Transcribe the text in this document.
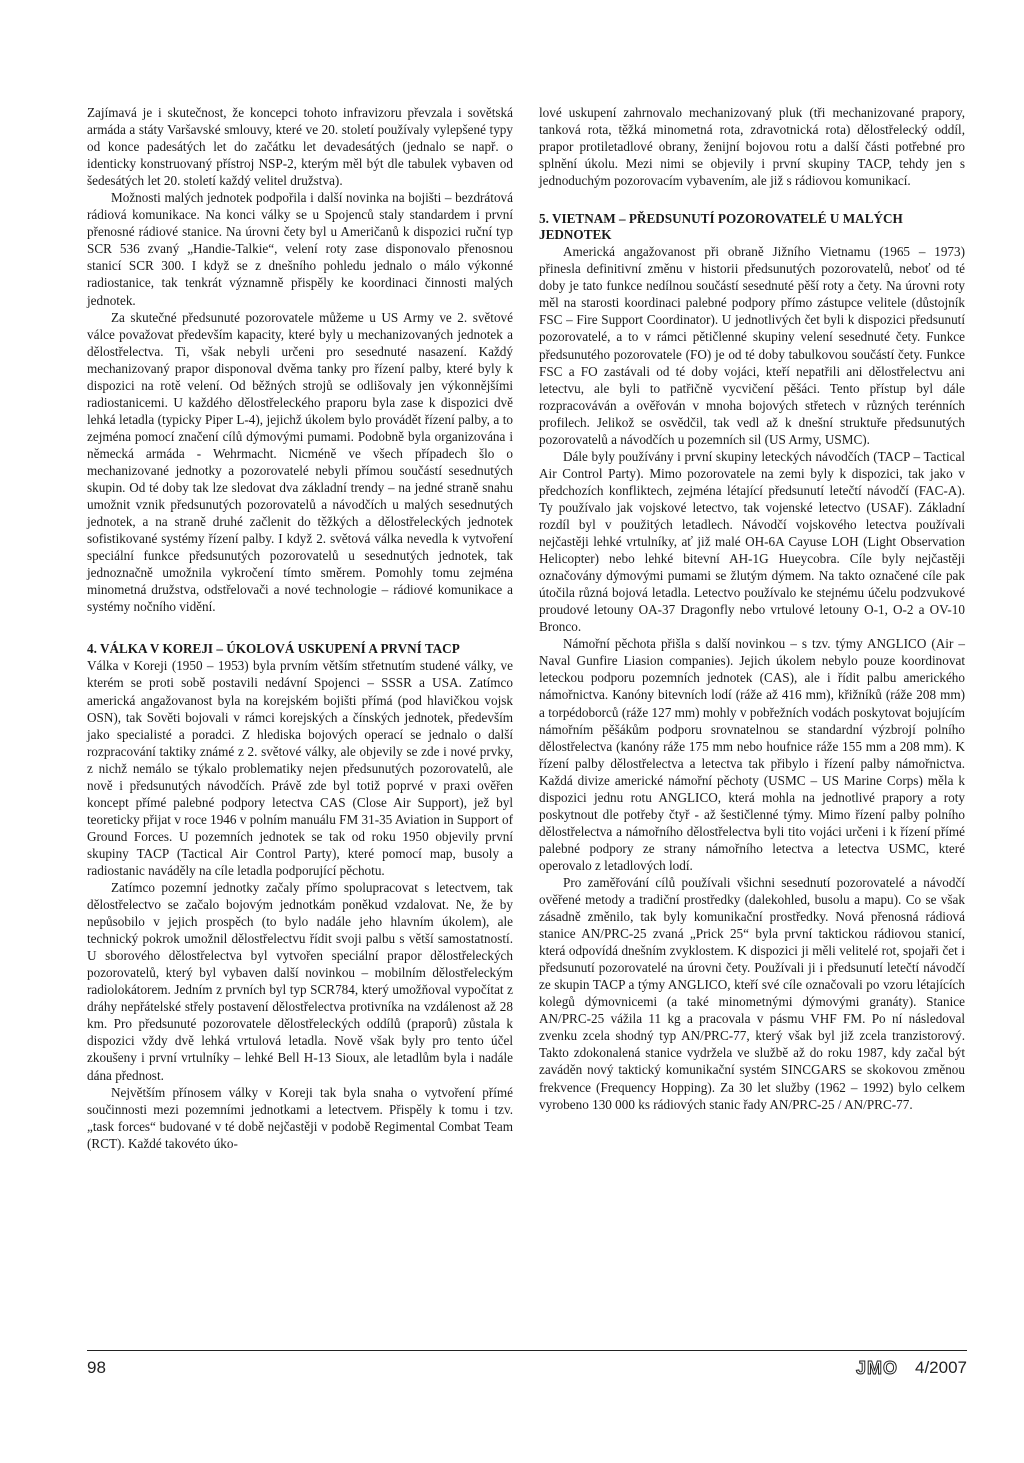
Zajímavá je i skutečnost, že koncepci tohoto infravizoru převzala i sovětská armáda a státy Varšavské smlouvy, které ve 20. století používaly vylepšené typy od konce padesátých let do začátku let devadesátých (jednalo se např. o identicky konstruovaný přístroj NSP-2, kterým měl být dle tabulek vybaven od šedesátých let 20. století každý velitel družstva).

Možnosti malých jednotek podpořila i další novinka na bojišti – bezdrátová rádiová komunikace. Na konci války se u Spojenců staly standardem i první přenosné rádiové stanice. Na úrovni čety byl u Američanů k dispozici ruční typ SCR 536 zvaný „Handie-Talkie“, velení roty zase disponovalo přenosnou stanicí SCR 300. I když se z dnešního pohledu jednalo o málo výkonné radiostanice, tak tenkrát významně přispěly ke koordinaci činnosti malých jednotek.

Za skutečné předsunuté pozorovatele můžeme u US Army ve 2. světové válce považovat především kapacity, které byly u mechanizovaných jednotek a dělostřelectva. Ti, však nebyli určeni pro sesednuté nasazení. Každý mechanizovaný prapor disponoval dvěma tanky pro řízení palby, které byly k dispozici na rotě velení. Od běžných strojů se odlišovaly jen výkonnějšími radiostanicemi. U každého dělostřeleckého praporu byla zase k dispozici dvě lehká letadla (typicky Piper L-4), jejichž úkolem bylo provádět řízení palby, a to zejména pomocí značení cílů dýmovými pumami. Podobně byla organizována i německá armáda - Wehrmacht. Nicméně ve všech případech šlo o mechanizované jednotky a pozorovatelé nebyli přímou součástí sesednutých skupin. Od té doby tak lze sledovat dva základní trendy – na jedné straně snahu umožnit vznik předsunutých pozorovatelů a návodčích u malých sesednutých jednotek, a na straně druhé začlenit do těžkých a dělostřeleckých jednotek sofistikované systémy řízení palby. I když 2. světová válka nevedla k vytvoření speciální funkce předsunutých pozorovatelů u sesednutých jednotek, tak jednoznačně umožnila vykročení tímto směrem. Pomohly tomu zejména minometná družstva, odstřelovači a nové technologie – rádiové komunikace a systémy nočního vidění.

4. VÁLKA V KOREJI – ÚKOLOVÁ USKUPENÍ A PRVNÍ TACP

Válka v Koreji (1950 – 1953) byla prvním větším střetnutím studené války, ve kterém se proti sobě postavili nedávní Spojenci – SSSR a USA. Zatímco americká angažovanost byla na korejském bojišti přímá (pod hlavičkou vojsk OSN), tak Sověti bojovali v rámci korejských a čínských jednotek, především jako specialisté a poradci. Z hlediska bojových operací se jednalo o další rozpracování taktiky známé z 2. světové války, ale objevily se zde i nové prvky, z nichž nemálo se týkalo problematiky nejen předsunutých pozorovatelů, ale nově i předsunutých návodčích. Právě zde byl totiž poprvé v praxi ověřen koncept přímé palebné podpory letectva CAS (Close Air Support), jež byl teoreticky přijat v roce 1946 v polním manuálu FM 31-35 Aviation in Support of Ground Forces. U pozemních jednotek se tak od roku 1950 objevily první skupiny TACP (Tactical Air Control Party), které pomocí map, busoly a radiostanic naváděly na cíle letadla podporující pěchotu.

Zatímco pozemní jednotky začaly přímo spolupracovat s letectvem, tak dělostřelectvo se začalo bojovým jednotkám poněkud vzdalovat. Ne, že by nepůsobilo v jejich prospěch (to bylo nadále jeho hlavním úkolem), ale technický pokrok umožnil dělostřelectvu řídit svoji palbu s větší samostatností. U sborového dělostřelectva byl vytvořen speciální prapor dělostřeleckých pozorovatelů, který byl vybaven další novinkou – mobilním dělostřeleckým radiolokátorem. Jedním z prvních byl typ SCR784, který umožňoval vypočítat z dráhy nepřátelské střely postavení dělostřelectva protivníka na vzdálenost až 28 km. Pro předsunuté pozorovatele dělostřeleckých oddílů (praporů) zůstala k dispozici vždy dvě lehká vrtulová letadla. Nově však byly pro tento účel zkoušeny i první vrtulníky – lehké Bell H-13 Sioux, ale letadlům byla i nadále dána přednost.

Největším přínosem války v Koreji tak byla snaha o vytvoření přímé součinnosti mezi pozemními jednotkami a letectvem. Přispěly k tomu i tzv. „task forces“ budované v té době nejčastěji v podobě Regimental Combat Team (RCT). Každé takovéto úko-

lové uskupení zahrnovalo mechanizovaný pluk (tři mechanizované prapory, tanková rota, těžká minometná rota, zdravotnická rota) dělostřelecký oddíl, prapor protiletadlové obrany, ženijní bojovou rotu a další části potřebné pro splnění úkolu. Mezi nimi se objevily i první skupiny TACP, tehdy jen s jednoduchým pozorovacím vybavením, ale již s rádiovou komunikací.

5. VIETNAM – PŘEDSUNUTÍ POZOROVATELÉ U MALÝCH JEDNOTEK

Americká angažovanost při obraně Jižního Vietnamu (1965 – 1973) přinesla definitivní změnu v historii předsunutých pozorovatelů, neboť od té doby je tato funkce nedílnou součástí sesednuté pěší roty a čety. Na úrovni roty měl na starosti koordinaci palebné podpory přímo zástupce velitele (důstojník FSC – Fire Support Coordinator). U jednotlivých čet byli k dispozici předsunutí pozorovatelé, a to v rámci pětičlenné skupiny velení sesednuté čety. Funkce předsunutého pozorovatele (FO) je od té doby tabulkovou součástí čety. Funkce FSC a FO zastávali od té doby vojáci, kteří nepatřili ani dělostřelectvu ani letectvu, ale byli to patřičně vycvičení pěšáci. Tento přístup byl dále rozpracováván a ověřován v mnoha bojových střetech v různých terénních profilech. Jelikož se osvědčil, tak vedl až k dnešní struktuře předsunutých pozorovatelů a návodčích u pozemních sil (US Army, USMC).

Dále byly používány i první skupiny leteckých návodčích (TACP – Tactical Air Control Party). Mimo pozorovatele na zemi byly k dispozici, tak jako v předchozích konfliktech, zejména létající předsunutí letečtí návodčí (FAC-A). Ty používalo jak vojskové letectvo, tak vojenské letectvo (USAF). Základní rozdíl byl v použitých letadlech. Návodčí vojskového letectva používali nejčastěji lehké vrtulníky, ať již malé OH-6A Cayuse LOH (Light Observation Helicopter) nebo lehké bitevní AH-1G Hueycobra. Cíle byly nejčastěji označovány dýmovými pumami se žlutým dýmem. Na takto označené cíle pak útočila různá bojová letadla. Letectvo používalo ke stejnému účelu podzvukové proudové letouny OA-37 Dragonfly nebo vrtulové letouny O-1, O-2 a OV-10 Bronco.

Námořní pěchota přišla s další novinkou – s tzv. týmy ANGLICO (Air – Naval Gunfire Liasion companies). Jejich úkolem nebylo pouze koordinovat leteckou podporu pozemních jednotek (CAS), ale i řídit palbu amerického námořnictva. Kanóny bitevních lodí (ráže až 416 mm), křižníků (ráže 208 mm) a torpédoborců (ráže 127 mm) mohly v pobřežních vodách poskytovat bojujícím námořním pěšákům podporu srovnatelnou se standardní výzbrojí polního dělostřelectva (kanóny ráže 175 mm nebo houfnice ráže 155 mm a 208 mm). K řízení palby dělostřelectva a letectva tak přibylo i řízení palby námořnictva. Každá divize americké námořní pěchoty (USMC – US Marine Corps) měla k dispozici jednu rotu ANGLICO, která mohla na jednotlivé prapory a roty poskytnout dle potřeby čtyř - až šestičlenné týmy. Mimo řízení palby polního dělostřelectva a námořního dělostřelectva byli tito vojáci určeni i k řízení přímé palebné podpory ze strany námořního letectva a letectva USMC, které operovalo z letadlových lodí.

Pro zaměřování cílů používali všichni sesednutí pozorovatelé a návodčí ověřené metody a tradiční prostředky (dalekohled, busolu a mapu). Co se však zásadně změnilo, tak byly komunikační prostředky. Nová přenosná rádiová stanice AN/PRC-25 zvaná „Prick 25“ byla první taktickou rádiovou stanicí, která odpovídá dnešním zvyklostem. K dispozici ji měli velitelé rot, spojaři čet i předsunutí pozorovatelé na úrovni čety. Používali ji i předsunutí letečtí návodčí ze skupin TACP a týmy ANGLICO, kteří své cíle označovali po vzoru létajících kolegů dýmovnicemi (a také minometnými dýmovými granáty). Stanice AN/PRC-25 vážila 11 kg a pracovala v pásmu VHF FM. Po ní následoval zvenku zcela shodný typ AN/PRC-77, který však byl již zcela tranzistorový. Takto zdokonalená stanice vydržela ve službě až do roku 1987, kdy začal být zaváděn nový taktický komunikační systém SINCGARS se skokovou změnou frekvence (Frequency Hopping). Za 30 let služby (1962 – 1992) bylo celkem vyrobeno 130 000 ks rádiových stanic řady AN/PRC-25 / AN/PRC-77.

98	JMO 4/2007
